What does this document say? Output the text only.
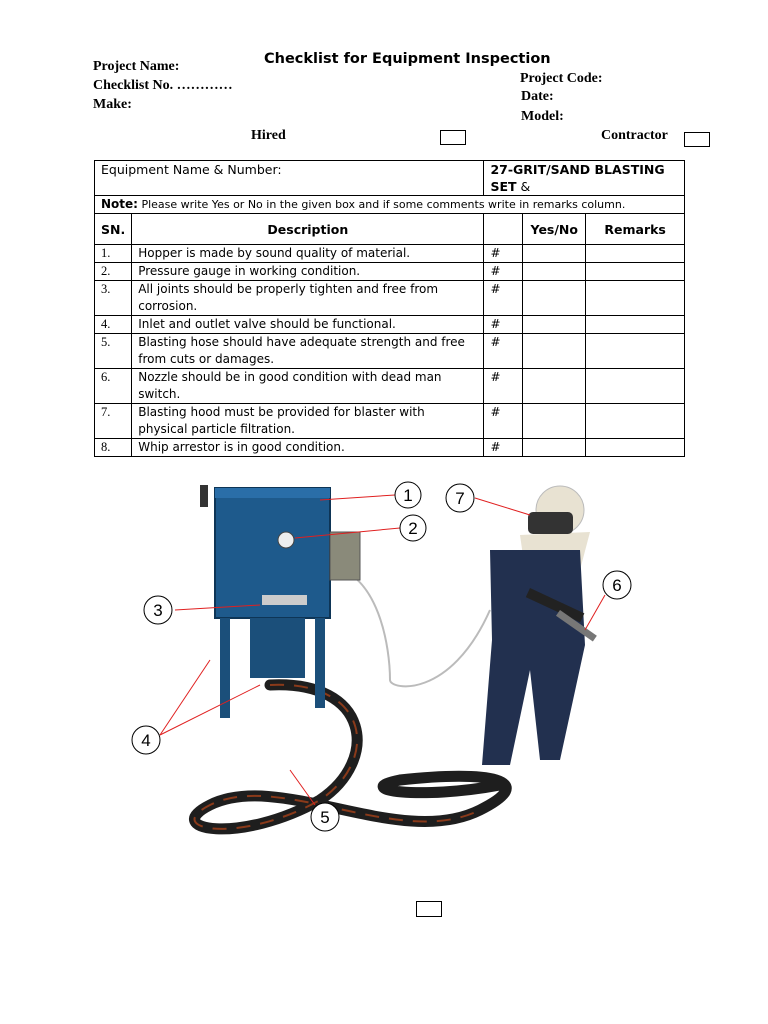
Checklist for Equipment Inspection
Project Name:
Checklist No. …………
Make:
Project Code:
Date:
Model:
Hired	Contractor
Equipment Name & Number:		27-GRIT/SAND BLASTING SET &		
Note: Please write Yes or No in the given box and if some comments write in remarks column.				
SN.	Description		Yes/No	Remarks
1.	Hopper is made by sound quality of material.	#		
2.	Pressure gauge in working condition.	#		
3.	All joints should be properly tighten and free from corrosion.	#		
4.	Inlet and outlet valve should be functional.	#		
5.	Blasting hose should have adequate strength and free from cuts or damages.	#		
6.	Nozzle should be in good condition with dead man switch.	#		
7.	Blasting hood must be provided for blaster with physical particle filtration.	#		
8.	Whip arrestor is in good condition.	#		
1
2
3
4
5
6
7
